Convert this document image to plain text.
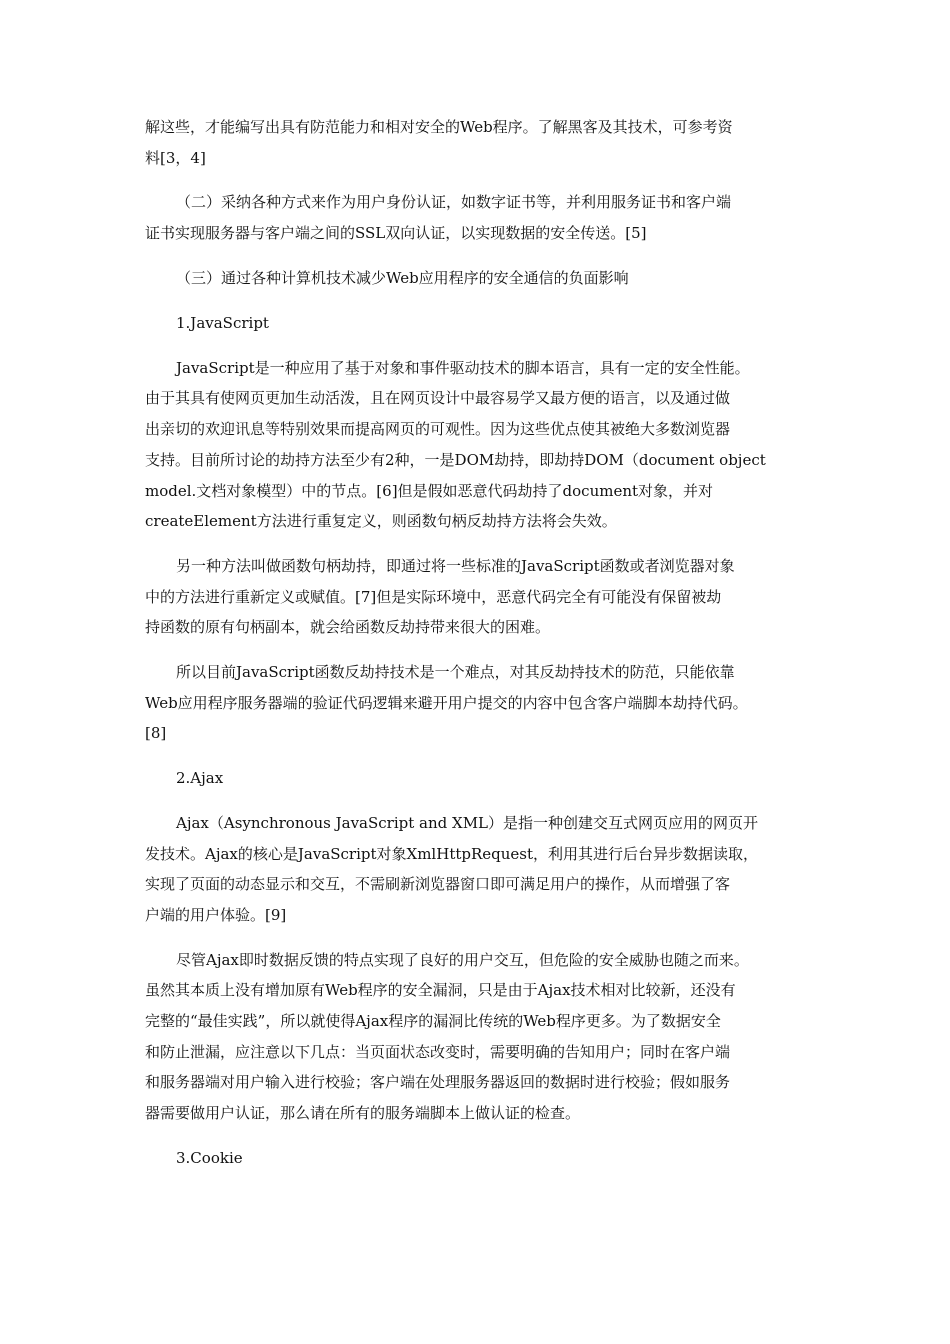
解这些，才能编写出具有防范能力和相对安全的Web程序。了解黑客及其技术，可参考资
料[3，4]
（二）采纳各种方式来作为用户身份认证，如数字证书等，并利用服务证书和客户端
证书实现服务器与客户端之间的SSL双向认证，以实现数据的安全传送。[5]
（三）通过各种计算机技术减少Web应用程序的安全通信的负面影响
1.JavaScript
JavaScript是一种应用了基于对象和事件驱动技术的脚本语言，具有一定的安全性能。
由于其具有使网页更加生动活泼，且在网页设计中最容易学又最方便的语言，以及通过做
出亲切的欢迎讯息等特别效果而提高网页的可观性。因为这些优点使其被绝大多数浏览器
支持。目前所讨论的劫持方法至少有2种，一是DOM劫持，即劫持DOM（document object
model.文档对象模型）中的节点。[6]但是假如恶意代码劫持了document对象，并对
createElement方法进行重复定义，则函数句柄反劫持方法将会失效。
另一种方法叫做函数句柄劫持，即通过将一些标准的JavaScript函数或者浏览器对象
中的方法进行重新定义或赋值。[7]但是实际环境中，恶意代码完全有可能没有保留被劫
持函数的原有句柄副本，就会给函数反劫持带来很大的困难。
所以目前JavaScript函数反劫持技术是一个难点，对其反劫持技术的防范，只能依靠
Web应用程序服务器端的验证代码逻辑来避开用户提交的内容中包含客户端脚本劫持代码。
[8]
2.Ajax
Ajax（Asynchronous JavaScript and XML）是指一种创建交互式网页应用的网页开
发技术。Ajax的核心是JavaScript对象XmlHttpRequest，利用其进行后台异步数据读取，
实现了页面的动态显示和交互，不需刷新浏览器窗口即可满足用户的操作，从而增强了客
户端的用户体验。[9]
尽管Ajax即时数据反馈的特点实现了良好的用户交互，但危险的安全威胁也随之而来。
虽然其本质上没有增加原有Web程序的安全漏洞，只是由于Ajax技术相对比较新，还没有
完整的“最佳实践”，所以就使得Ajax程序的漏洞比传统的Web程序更多。为了数据安全
和防止泄漏，应注意以下几点：当页面状态改变时，需要明确的告知用户；同时在客户端
和服务器端对用户输入进行校验；客户端在处理服务器返回的数据时进行校验；假如服务
器需要做用户认证，那么请在所有的服务端脚本上做认证的检查。
3.Cookie
